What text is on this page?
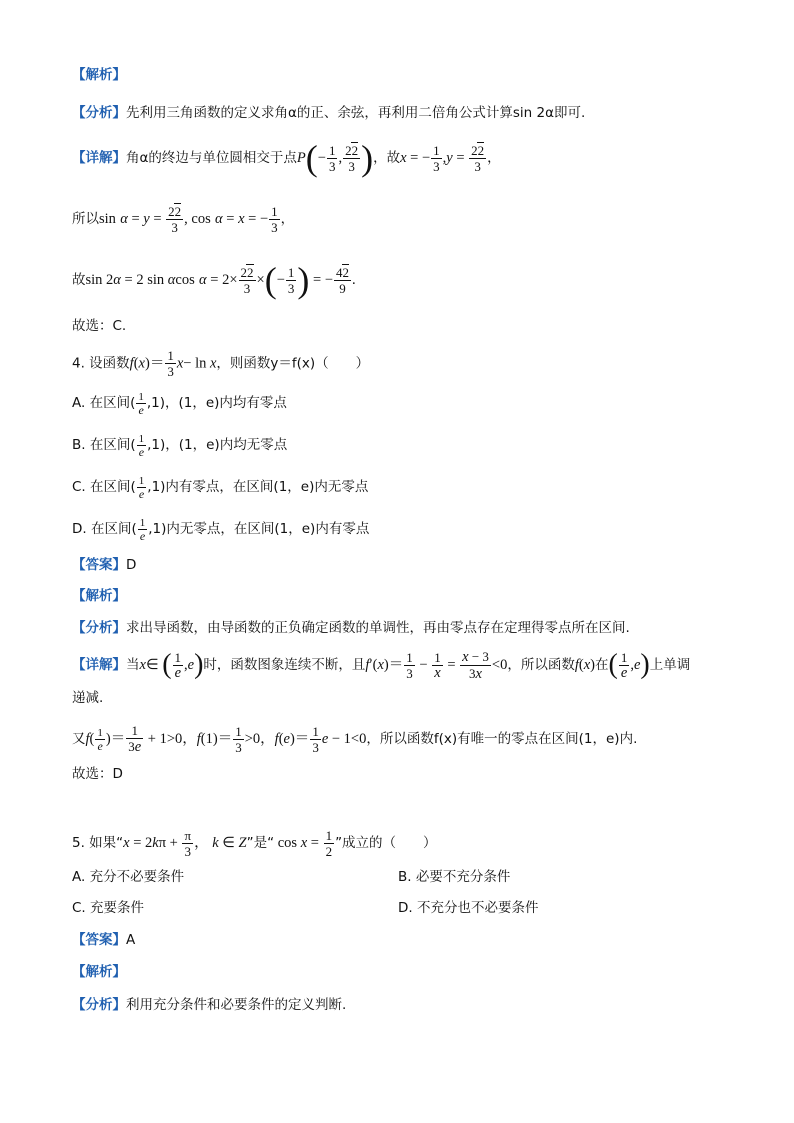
【解析】
【分析】先利用三角函数的定义求角α的正、余弦，再利用二倍角公式计算sin 2α即可.
【详解】角α的终边与单位圆相交于点$P(- \frac{1}{3}$ , $\frac{22}{3}$ )，故x = − $\frac{1}{3} ,y = \frac{22}{3}$ ，
所以$\sin \alpha = y = \frac{22}{3}$ , cos α = x = − $\frac{1}{3}$ ，
故sin 2α = 2 sin αcos $\alpha = 2\times \frac{22}{3}$ ×(− $\frac{1}{3}$ ) = − $\frac{42}{9}$ .
故选：C.
4. 设函数$f(x)= \frac{1}{3} x- \ln x$，则函数y＝f(x)（　　）
A. 在区间( $\frac{1}{e} ,1$)，(1，e)内均有零点
B. 在区间( $\frac{1}{e} ,1$)，(1，e)内均无零点
C. 在区间( $\frac{1}{e} ,1$)内有零点，在区间(1，e)内无零点
D. 在区间( $\frac{1}{e} ,1$)内无零点，在区间(1，e)内有零点
【答案】D
【解析】
【分析】求出导函数，由导函数的正负确定函数的单调性，再由零点存在定理得零点所在区间.
【详解】当x∈ ( $\frac{1}{e} ,e$)时，函数图象连续不断，且$f'(x)= \frac{1}{3} - \frac{1}{x} = \frac{x - 3}{3x} <0$，所以函数f(x)在( $\frac{1}{e} ,e$)上单调
递减.
又$f( \frac{1}{e}$ )＝ $\frac{1}{3e} + 1>0$，$f(1)= \frac{1}{3} >0$，$f(e)= \frac{1}{3}$ e − 1<0，所以函数f(x)有唯一的零点在区间(1，e)内.
故选：D
5. 如果“$x = 2k\pi + \frac{\pi}{3}$ ， k ∈ Z”是“ $\cos x = \frac{1}{2}$ ”成立的（　　）
A. 充分不必要条件	B. 必要不充分条件
C. 充要条件	D. 不充分也不必要条件
【答案】A
【解析】
【分析】利用充分条件和必要条件的定义判断.
